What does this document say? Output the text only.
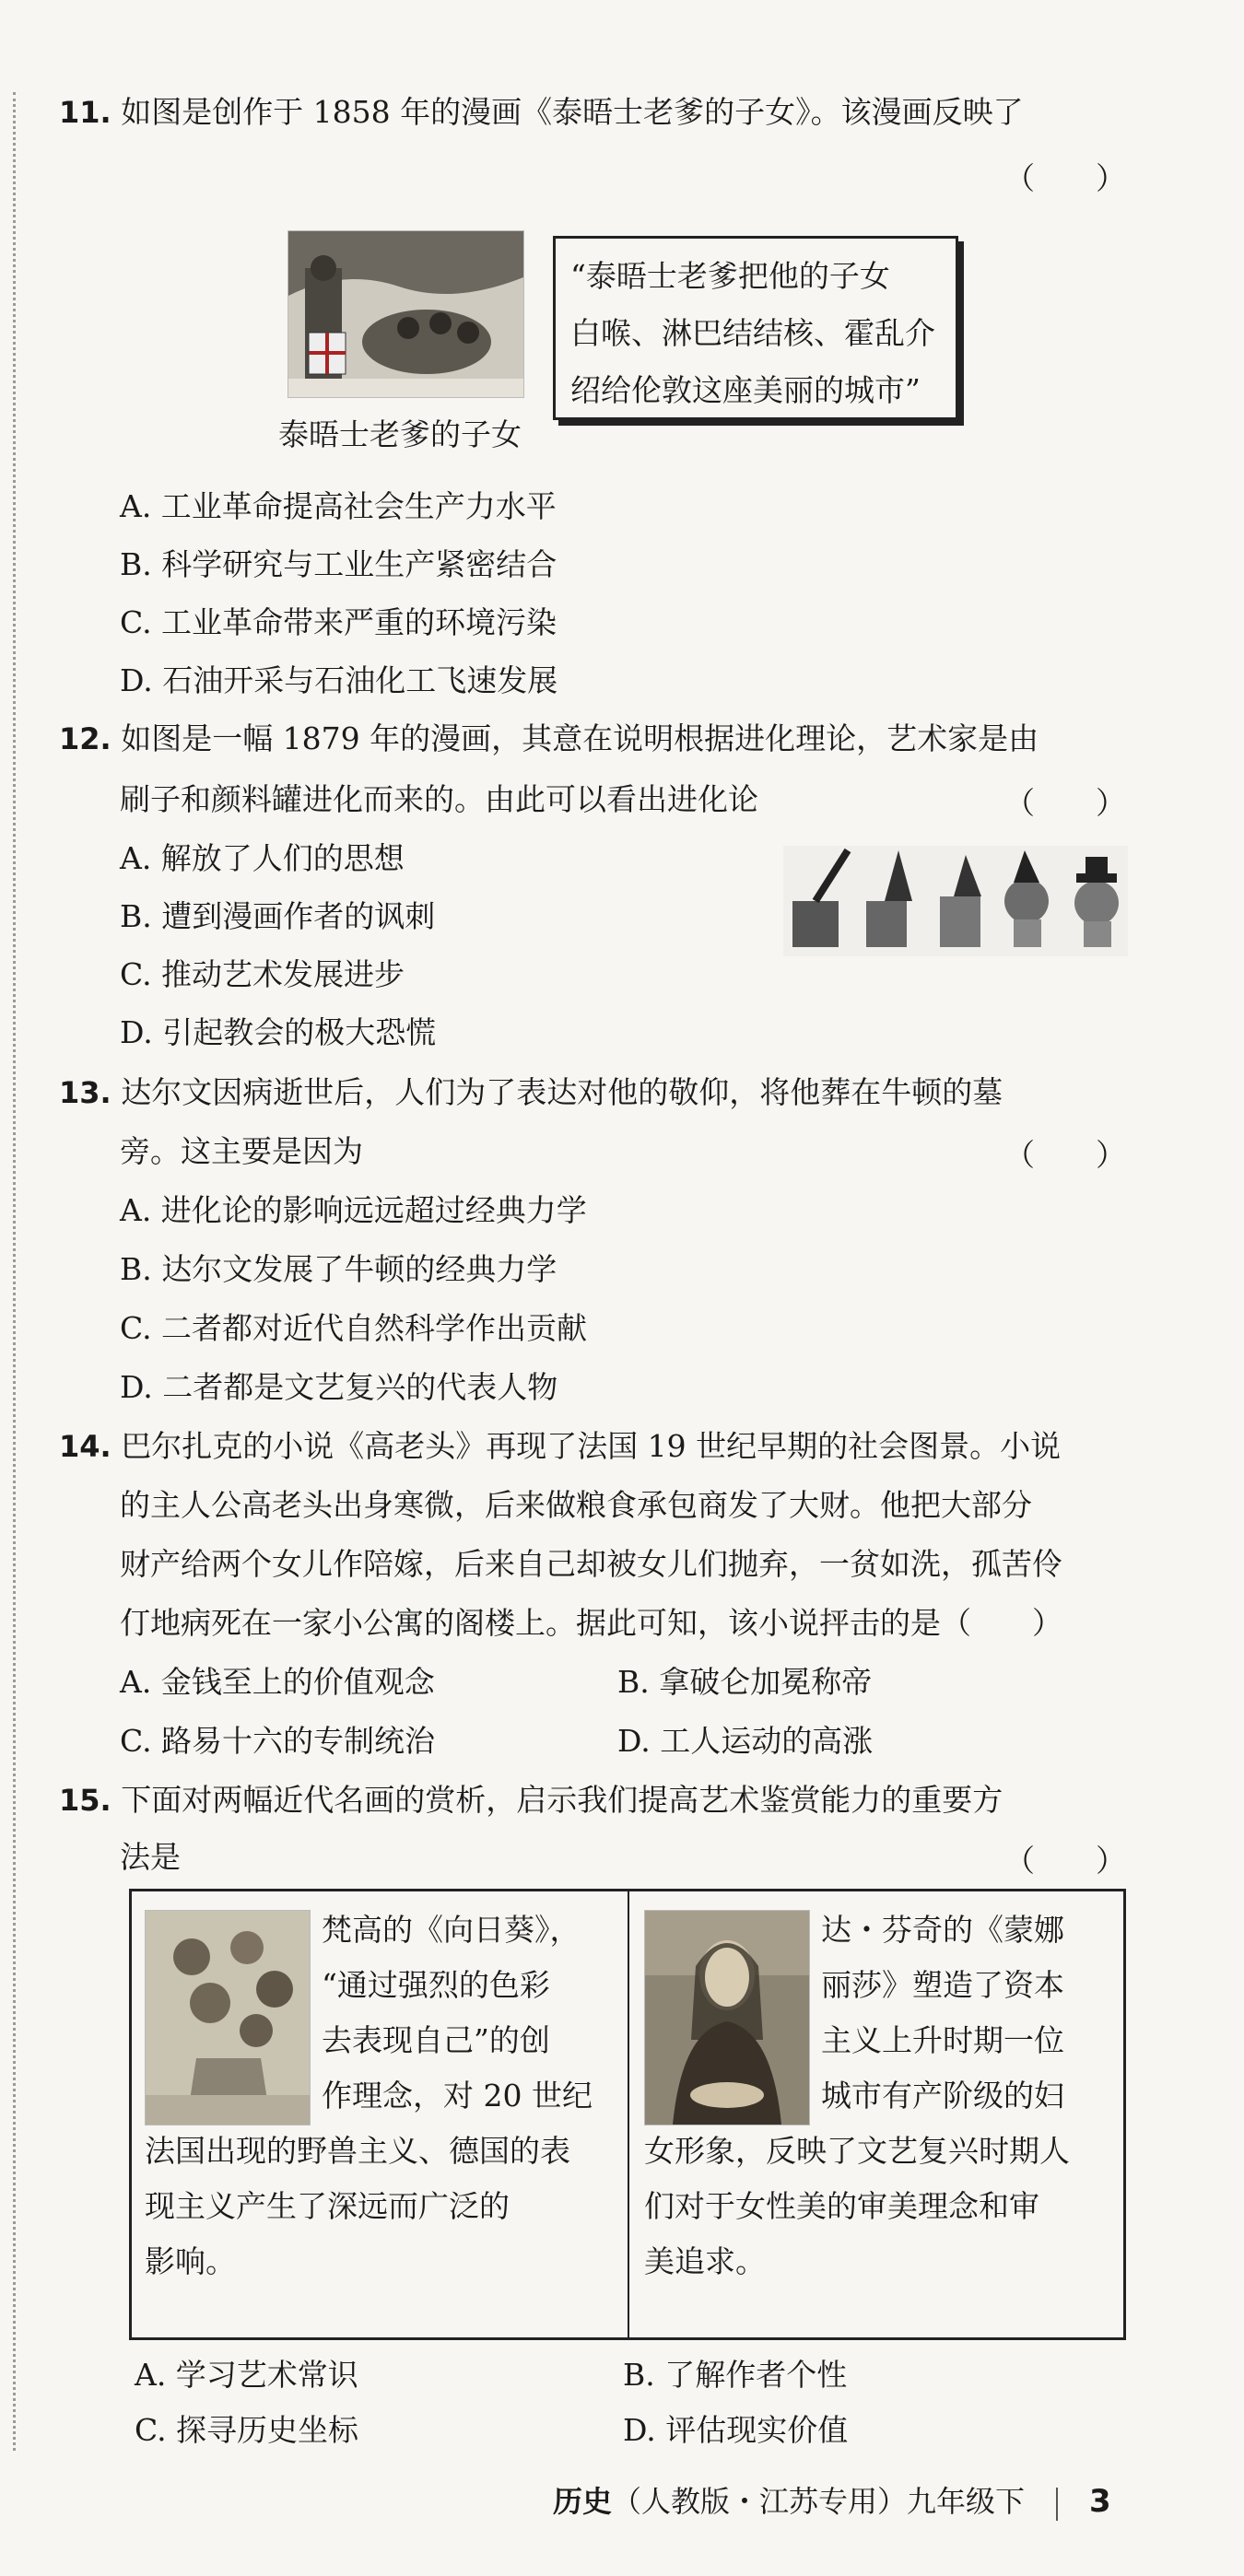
11. 如图是创作于 1858 年的漫画《泰晤士老爹的子女》。该漫画反映了
（　　）
泰晤士老爹的子女
“泰晤士老爹把他的子女
白喉、淋巴结结核、霍乱介
绍给伦敦这座美丽的城市”
A. 工业革命提高社会生产力水平
B. 科学研究与工业生产紧密结合
C. 工业革命带来严重的环境污染
D. 石油开采与石油化工飞速发展
12. 如图是一幅 1879 年的漫画，其意在说明根据进化理论，艺术家是由
刷子和颜料罐进化而来的。由此可以看出进化论	（　　）
A. 解放了人们的思想
B. 遭到漫画作者的讽刺
C. 推动艺术发展进步
D. 引起教会的极大恐慌
13. 达尔文因病逝世后，人们为了表达对他的敬仰，将他葬在牛顿的墓
旁。这主要是因为	（　　）
A. 进化论的影响远远超过经典力学
B. 达尔文发展了牛顿的经典力学
C. 二者都对近代自然科学作出贡献
D. 二者都是文艺复兴的代表人物
14. 巴尔扎克的小说《高老头》再现了法国 19 世纪早期的社会图景。小说
的主人公高老头出身寒微，后来做粮食承包商发了大财。他把大部分
财产给两个女儿作陪嫁，后来自己却被女儿们抛弃，一贫如洗，孤苦伶
仃地病死在一家小公寓的阁楼上。据此可知，该小说抨击的是（　　）
A. 金钱至上的价值观念	B. 拿破仑加冕称帝
C. 路易十六的专制统治	D. 工人运动的高涨
15. 下面对两幅近代名画的赏析，启示我们提高艺术鉴赏能力的重要方
法是	（　　）
梵高的《向日葵》，
“通过强烈的色彩
去表现自己”的创
作理念，对 20 世纪
法国出现的野兽主义、德国的表
现主义产生了深远而广泛的
影响。
达・芬奇的《蒙娜
丽莎》塑造了资本
主义上升时期一位
城市有产阶级的妇
女形象，反映了文艺复兴时期人
们对于女性美的审美理念和审
美追求。
A. 学习艺术常识	B. 了解作者个性
C. 探寻历史坐标	D. 评估现实价值
历史（人教版・江苏专用）九年级下 3
